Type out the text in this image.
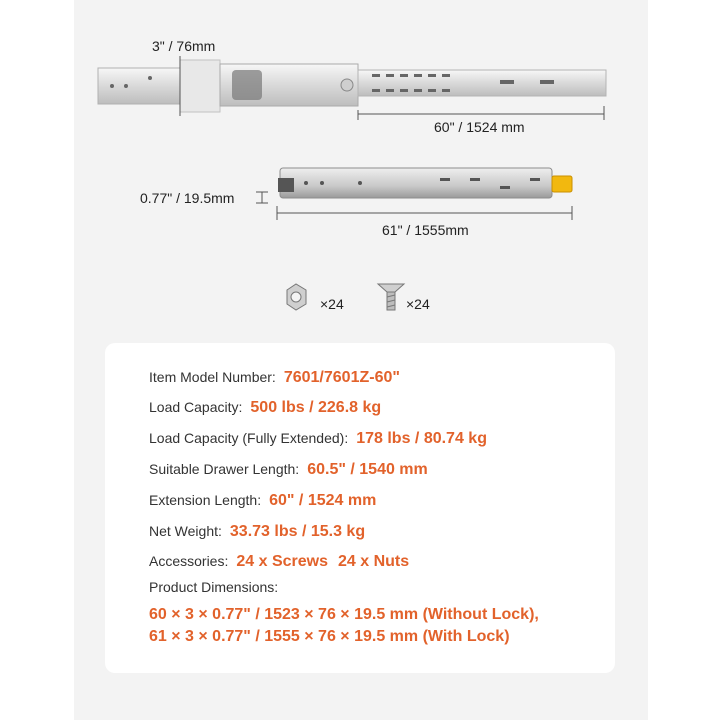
3" / 76mm
60" / 1524 mm
0.77" / 19.5mm
61" / 1555mm
×24	×24
Item Model Number: 7601/7601Z-60"
Load Capacity: 500 lbs / 226.8 kg
Load Capacity (Fully Extended): 178 lbs / 80.74 kg
Suitable Drawer Length: 60.5" / 1540 mm
Extension Length: 60" / 1524 mm
Net Weight: 33.73 lbs / 15.3 kg
Accessories: 24 x Screws 24 x Nuts
Product Dimensions:
60 × 3 × 0.77" / 1523 × 76 × 19.5 mm (Without Lock),
61 × 3 × 0.77" / 1555 × 76 × 19.5 mm (With Lock)
